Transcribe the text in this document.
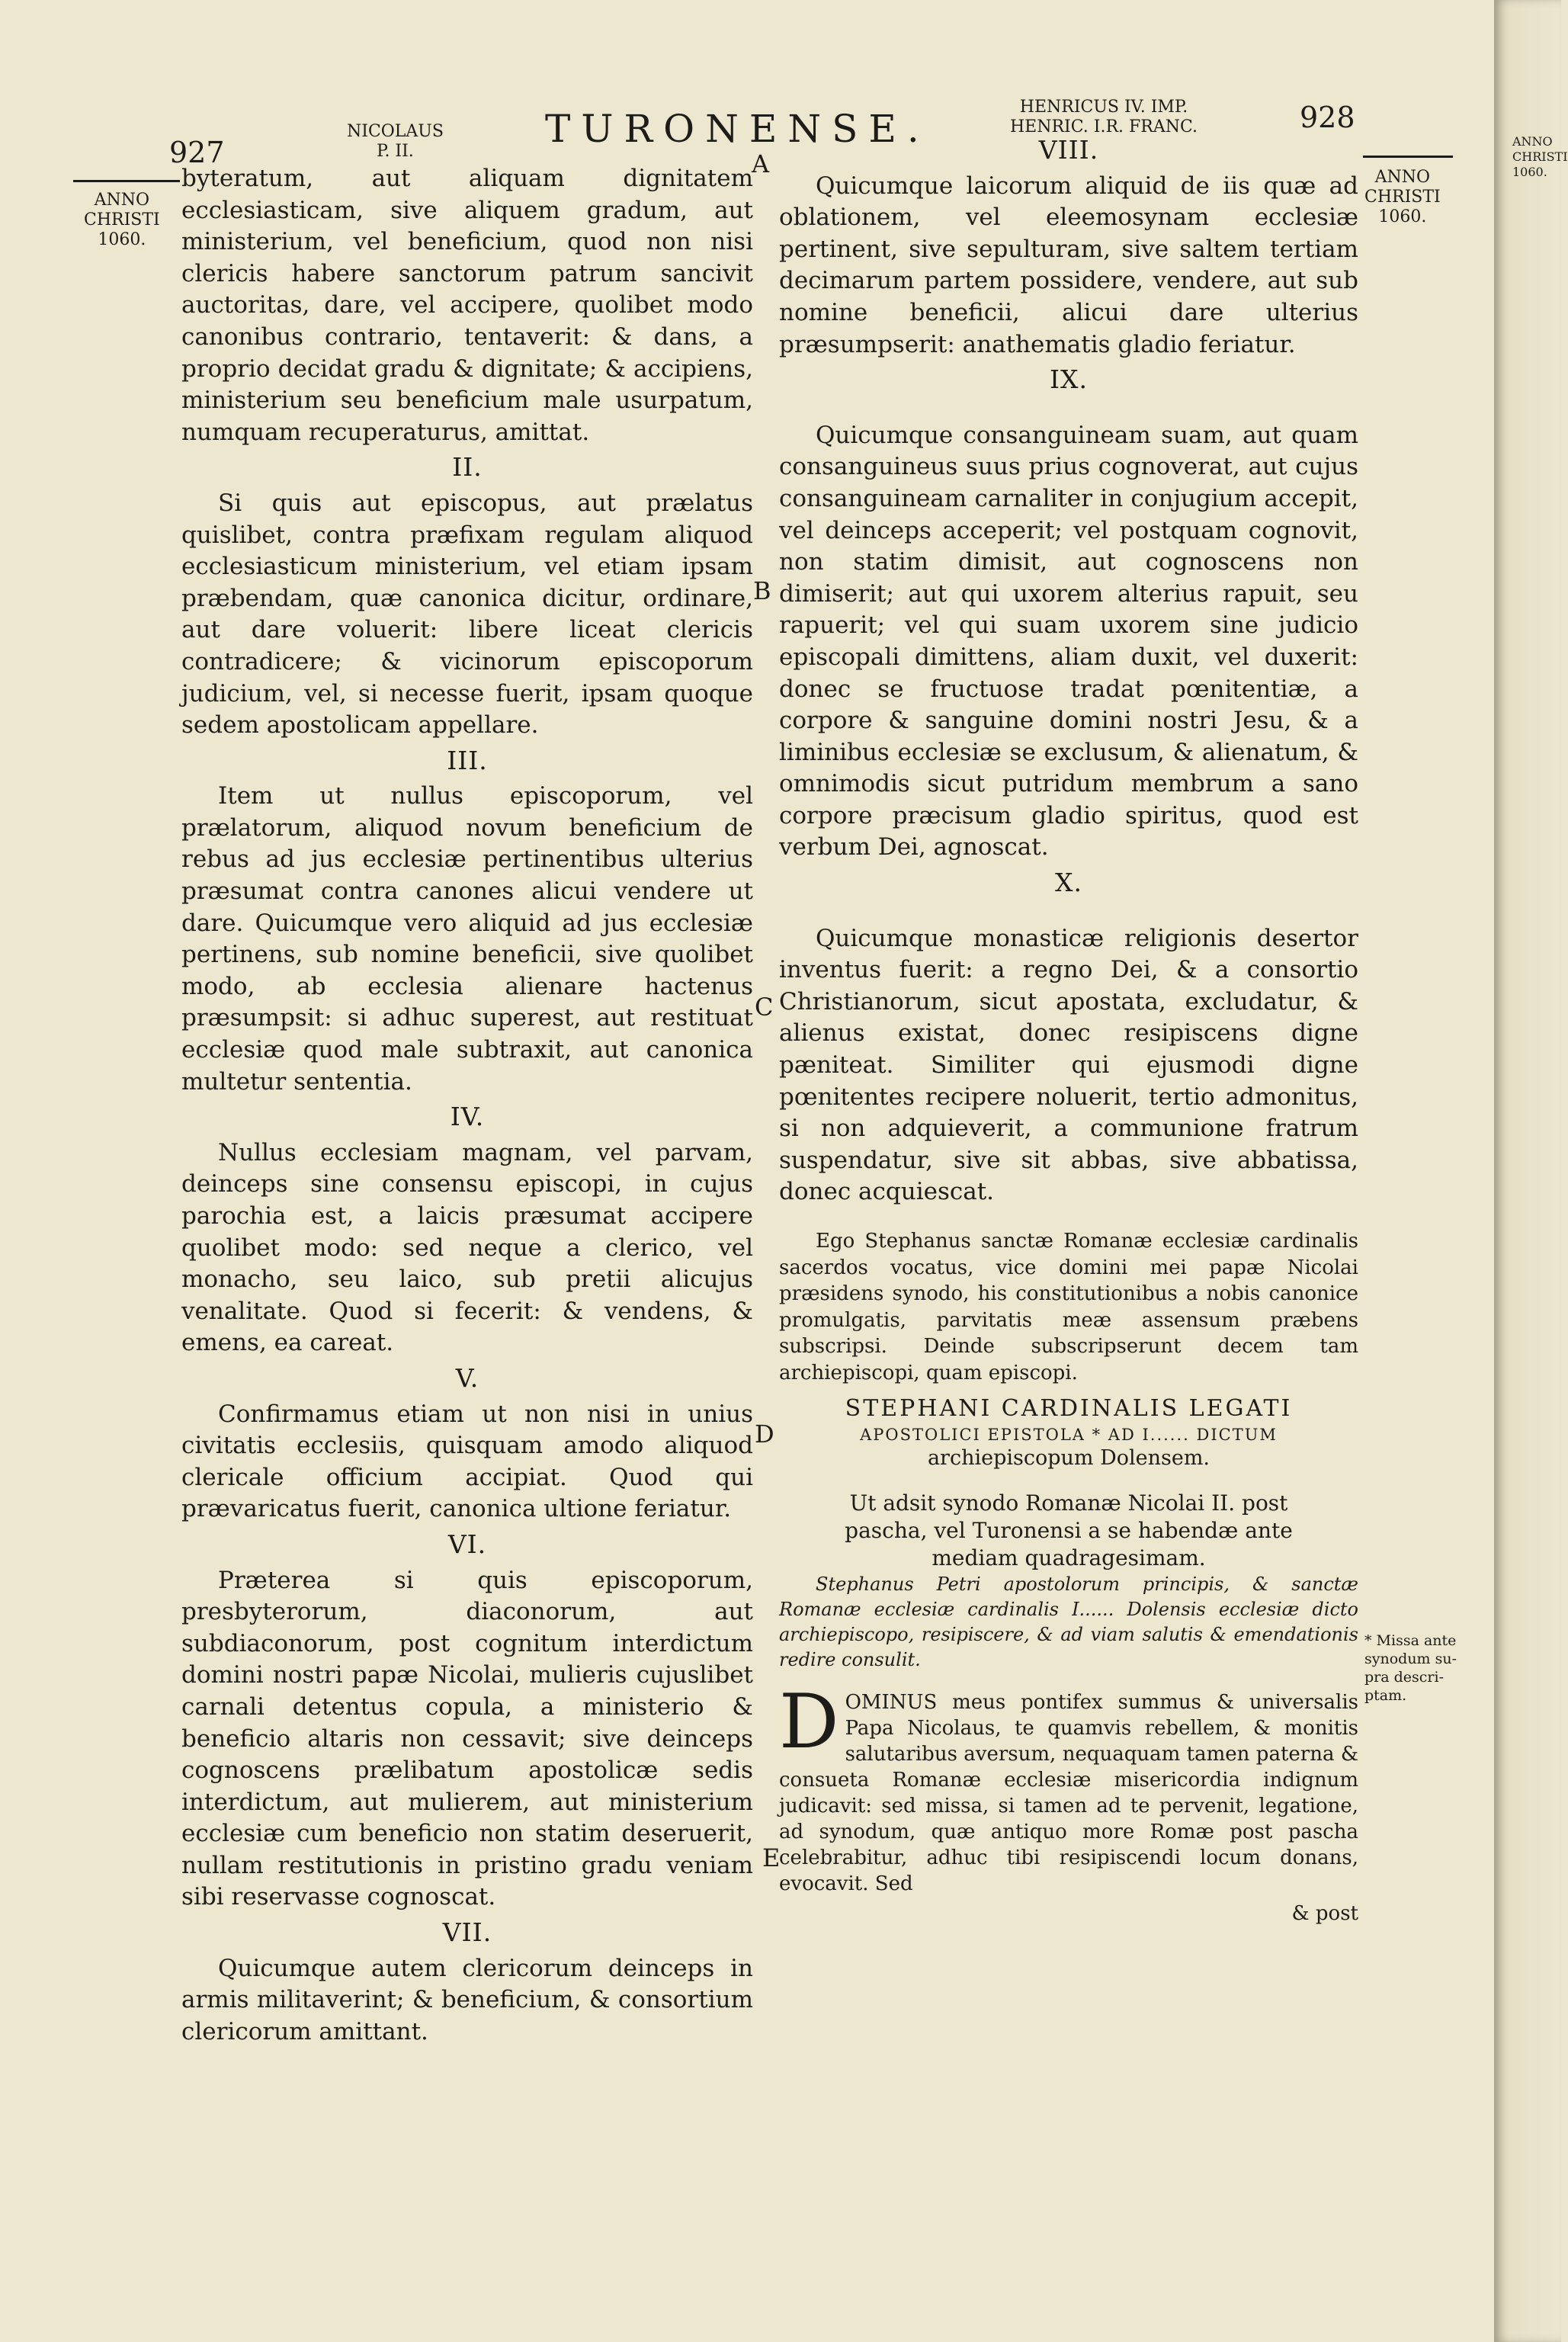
927
NICOLAUS
P. II.
TURONENSE.	HENRICUS IV. IMP.
HENRIC. I.R. FRANC.	928
ANNO
CHRISTI
1060.
ANNO
CHRISTI
1060.
* Missa ante
synodum su-
pra descri-
ptam.
A
B
C
D
E

byteratum, aut aliquam dignitatem ecclesiasticam, sive aliquem gradum, aut ministerium, vel beneficium, quod non nisi clericis habere sanctorum patrum sancivit auctoritas, dare, vel accipere, quolibet modo canonibus contrario, tentaverit: & dans, a proprio decidat gradu & dignitate; & accipiens, ministerium seu beneficium male usurpatum, numquam recuperaturus, amittat.

II.

Si quis aut episcopus, aut prælatus quislibet, contra præfixam regulam aliquod ecclesiasticum ministerium, vel etiam ipsam præbendam, quæ canonica dicitur, ordinare, aut dare voluerit: libere liceat clericis contradicere; & vicinorum episcoporum judicium, vel, si necesse fuerit, ipsam quoque sedem apostolicam appellare.

III.

Item ut nullus episcoporum, vel prælatorum, aliquod novum beneficium de rebus ad jus ecclesiæ pertinentibus ulterius præsumat contra canones alicui vendere ut dare. Quicumque vero aliquid ad jus ecclesiæ pertinens, sub nomine beneficii, sive quolibet modo, ab ecclesia alienare hactenus præsumpsit: si adhuc superest, aut restituat ecclesiæ quod male subtraxit, aut canonica multetur sententia.

IV.

Nullus ecclesiam magnam, vel parvam, deinceps sine consensu episcopi, in cujus parochia est, a laicis præsumat accipere quolibet modo: sed neque a clerico, vel monacho, seu laico, sub pretii alicujus venalitate. Quod si fecerit: & vendens, & emens, ea careat.

V.

Confirmamus etiam ut non nisi in unius civitatis ecclesiis, quisquam amodo aliquod clericale officium accipiat. Quod qui prævaricatus fuerit, canonica ultione feriatur.

VI.

Præterea si quis episcoporum, presbyterorum, diaconorum, aut subdiaconorum, post cognitum interdictum domini nostri papæ Nicolai, mulieris cujuslibet carnali detentus copula, a ministerio & beneficio altaris non cessavit; sive deinceps cognoscens prælibatum apostolicæ sedis interdictum, aut mulierem, aut ministerium ecclesiæ cum beneficio non statim deseruerit, nullam restitutionis in pristino gradu veniam sibi reservasse cognoscat.

VII.

Quicumque autem clericorum deinceps in armis militaverint; & beneficium, & consortium clericorum amittant.

VIII.

Quicumque laicorum aliquid de iis quæ ad oblationem, vel eleemosynam ecclesiæ pertinent, sive sepulturam, sive saltem tertiam decimarum partem possidere, vendere, aut sub nomine beneficii, alicui dare ulterius præsumpserit: anathematis gladio feriatur.

IX.

Quicumque consanguineam suam, aut quam consanguineus suus prius cognoverat, aut cujus consanguineam carnaliter in conjugium accepit, vel deinceps acceperit; vel postquam cognovit, non statim dimisit, aut cognoscens non dimiserit; aut qui uxorem alterius rapuit, seu rapuerit; vel qui suam uxorem sine judicio episcopali dimittens, aliam duxit, vel duxerit: donec se fructuose tradat pœnitentiæ, a corpore & sanguine domini nostri Jesu, & a liminibus ecclesiæ se exclusum, & alienatum, & omnimodis sicut putridum membrum a sano corpore præcisum gladio spiritus, quod est verbum Dei, agnoscat.

X.

Quicumque monasticæ religionis desertor inventus fuerit: a regno Dei, & a consortio Christianorum, sicut apostata, excludatur, & alienus existat, donec resipiscens digne pæniteat. Similiter qui ejusmodi digne pœnitentes recipere noluerit, tertio admonitus, si non adquieverit, a communione fratrum suspendatur, sive sit abbas, sive abbatissa, donec acquiescat.

Ego Stephanus sanctæ Romanæ ecclesiæ cardinalis sacerdos vocatus, vice domini mei papæ Nicolai præsidens synodo, his constitutionibus a nobis canonice promulgatis, parvitatis meæ assensum præbens subscripsi. Deinde subscripserunt decem tam archiepiscopi, quam episcopi.

STEPHANI CARDINALIS LEGATI
APOSTOLICI EPISTOLA * AD I...... DICTUM
archiepiscopum Dolensem.
Ut adsit synodo Romanæ Nicolai II. post pascha, vel Turonensi a se habendæ ante mediam quadragesimam.

Stephanus Petri apostolorum principis, & sanctæ Romanæ ecclesiæ cardinalis I...... Dolensis ecclesiæ dicto archiepiscopo, resipiscere, & ad viam salutis & emendationis redire consulit.

D OMINUS meus pontifex summus & universalis Papa Nicolaus, te quamvis rebellem, & monitis salutaribus aversum, nequaquam tamen paterna & consueta Romanæ ecclesiæ misericordia indignum judicavit: sed missa, si tamen ad te pervenit, legatione, ad synodum, quæ antiquo more Romæ post pascha celebrabitur, adhuc tibi resipiscendi locum donans, evocavit. Sed
& post
ANNO
CHRISTI
1060.
